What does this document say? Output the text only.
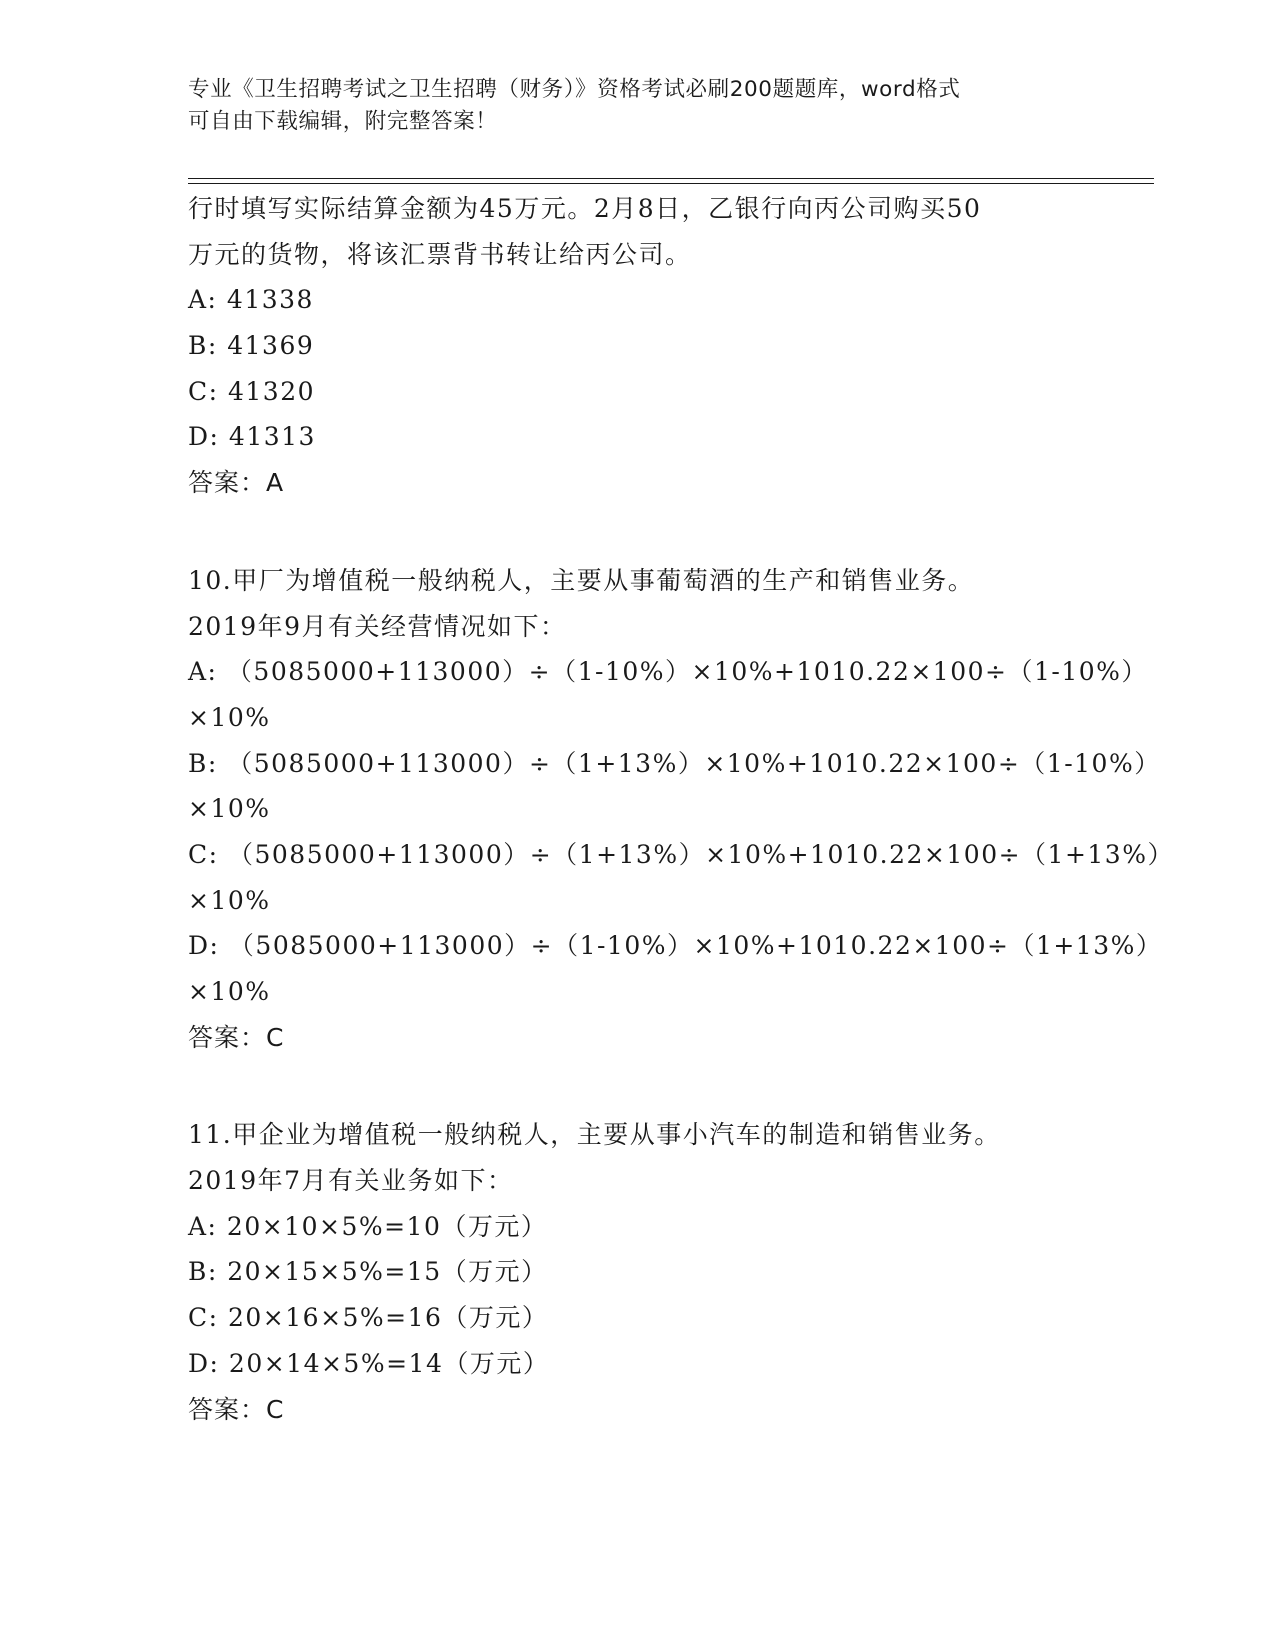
专业《卫生招聘考试之卫生招聘（财务）》资格考试必刷200题题库，word格式
可自由下载编辑，附完整答案！
行时填写实际结算金额为45万元。2月8日，乙银行向丙公司购买50
万元的货物，将该汇票背书转让给丙公司。
A: 41338
B: 41369
C: 41320
D: 41313
答案：A
10.甲厂为增值税一般纳税人，主要从事葡萄酒的生产和销售业务。
2019年9月有关经营情况如下：
A: （5085000+113000）÷（1-10%）×10%+1010.22×100÷（1-10%）
×10%
B: （5085000+113000）÷（1+13%）×10%+1010.22×100÷（1-10%）
×10%
C: （5085000+113000）÷（1+13%）×10%+1010.22×100÷（1+13%）
×10%
D: （5085000+113000）÷（1-10%）×10%+1010.22×100÷（1+13%）
×10%
答案：C
11.甲企业为增值税一般纳税人，主要从事小汽车的制造和销售业务。
2019年7月有关业务如下：
A: 20×10×5%=10（万元）
B: 20×15×5%=15（万元）
C: 20×16×5%=16（万元）
D: 20×14×5%=14（万元）
答案：C
